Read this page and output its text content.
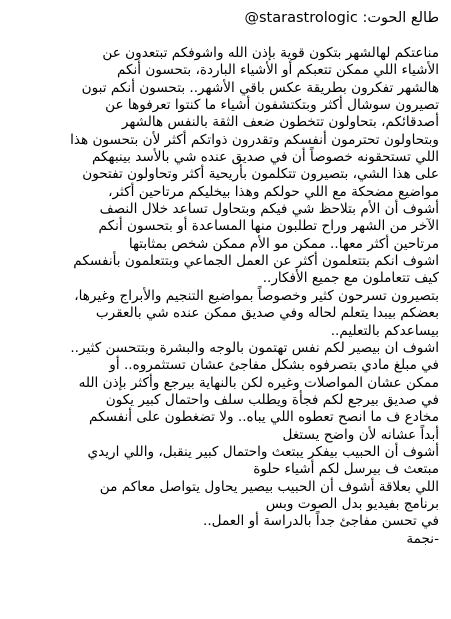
طالع الحوت: @starastrologic
مناعتكم لهالشهر بتكون قوية بإذن الله واشوفكم تبتعدون عن
الأشياء اللي ممكن تتعبكم أو الأشياء الباردة، بتحسون أنكم
هالشهر تفكرون بطريقة عكس باقي الأشهر.. بتحسون أنكم تبون
تصيرون سوشال أكثر وبتكتشفون أشياء ما كنتوا تعرفوها عن
أصدقائكم، بتحاولون تتخطون ضعف الثقة بالنفس هالشهر
وبتحاولون تحترمون أنفسكم وتقدرون ذواتكم أكثر لأن بتحسون هذا
اللي تستحقونه خصوصاً أن في صديق عنده شي بالأسد بينبهكم
على هذا الشي، بتصيرون تتكلمون بأريحية أكثر وتحاولون تفتحون
مواضيع مضحكة مع اللي حولكم وهذا بيخليكم مرتاحين أكثر،
أشوف أن الأم بتلاحظ شي فيكم وبتحاول تساعد خلال النصف
الآخر من الشهر وراح تطلبون منها المساعدة أو بتحسون أنكم
مرتاحين أكثر معها.. ممكن مو الأم ممكن شخص بمثابتها
اشوف انكم بتتعلمون أكثر عن العمل الجماعي وبتتعلمون بأنفسكم
كيف تتعاملون مع جميع الأفكار..
بتصيرون تسرحون كثير وخصوصاً بمواضيع التنجيم والأبراج وغيرها،
بعضكم بيبدا يتعلم لحاله وفي صديق ممكن عنده شي بالعقرب
بيساعدكم بالتعليم..
اشوف ان بيصير لكم نفس تهتمون بالوجه والبشرة وبتتحسن كثير..
في مبلغ مادي بتصرفوه بشكل مفاجئ عشان تستثمروه.. أو
ممكن عشان المواصلات وغيره لكن بالنهاية بيرجع وأكثر بإذن الله
في صديق بيرجع لكم فجأة ويطلب سلف واحتمال كبير يكون
مخادع ف ما انصح تعطوه اللي يباه.. ولا تضغطون على أنفسكم
أبداً عشانه لأن واضح يستغل
أشوف أن الحبيب بيفكر يبتعث واحتمال كبير ينقبل، واللي اريدي
مبتعث ف بيرسل لكم أشياء حلوة
اللي بعلاقة أشوف أن الحبيب بيصير يحاول يتواصل معاكم من
برنامج بفيديو بدل الصوت وبس
في تحسن مفاجئ جداً بالدراسة أو العمل..
-نجمة
